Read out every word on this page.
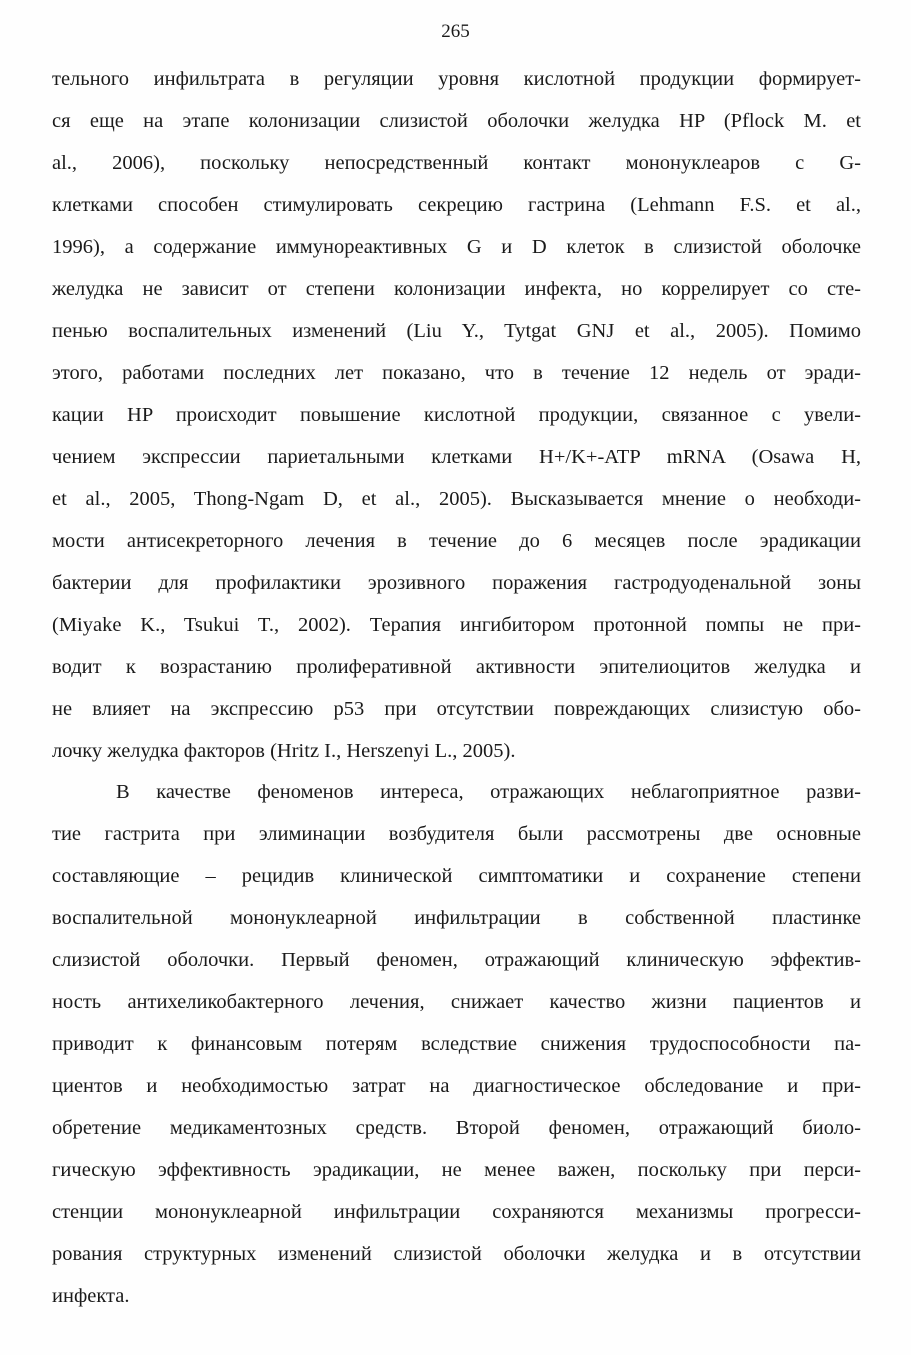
265
тельного инфильтрата в регуляции уровня кислотной продукции формирует-
ся еще на этапе колонизации слизистой оболочки желудка HP (Pflock M. et
al., 2006), поскольку непосредственный контакт мононуклеаров с G-
клетками способен стимулировать секрецию гастрина (Lehmann F.S. et al.,
1996), а содержание иммунореактивных G и D клеток в слизистой оболочке
желудка не зависит от степени колонизации инфекта, но коррелирует со сте-
пенью воспалительных изменений (Liu Y., Tytgat GNJ et al., 2005). Помимо
этого, работами последних лет показано, что в течение 12 недель от эради-
кации HP происходит повышение кислотной продукции, связанное с увели-
чением экспрессии париетальными клетками H+/K+-ATP mRNA (Osawa H,
et al., 2005, Thong-Ngam D, et al., 2005). Высказывается мнение о необходи-
мости антисекреторного лечения в течение до 6 месяцев после эрадикации
бактерии для профилактики эрозивного поражения гастродуоденальной зоны
(Miyake K., Tsukui T., 2002). Терапия ингибитором протонной помпы не при-
водит к возрастанию пролиферативной активности эпителиоцитов желудка и
не влияет на экспрессию p53 при отсутствии повреждающих слизистую обо-
лочку желудка факторов (Hritz I., Herszenyi L., 2005).
В качестве феноменов интереса, отражающих неблагоприятное разви-
тие гастрита при элиминации возбудителя были рассмотрены две основные
составляющие – рецидив клинической симптоматики и сохранение степени
воспалительной мононуклеарной инфильтрации в собственной пластинке
слизистой оболочки. Первый феномен, отражающий клиническую эффектив-
ность антихеликобактерного лечения, снижает качество жизни пациентов и
приводит к финансовым потерям вследствие снижения трудоспособности па-
циентов и необходимостью затрат на диагностическое обследование и при-
обретение медикаментозных средств. Второй феномен, отражающий биоло-
гическую эффективность эрадикации, не менее важен, поскольку при перси-
стенции мононуклеарной инфильтрации сохраняются механизмы прогресси-
рования структурных изменений слизистой оболочки желудка и в отсутствии
инфекта.
